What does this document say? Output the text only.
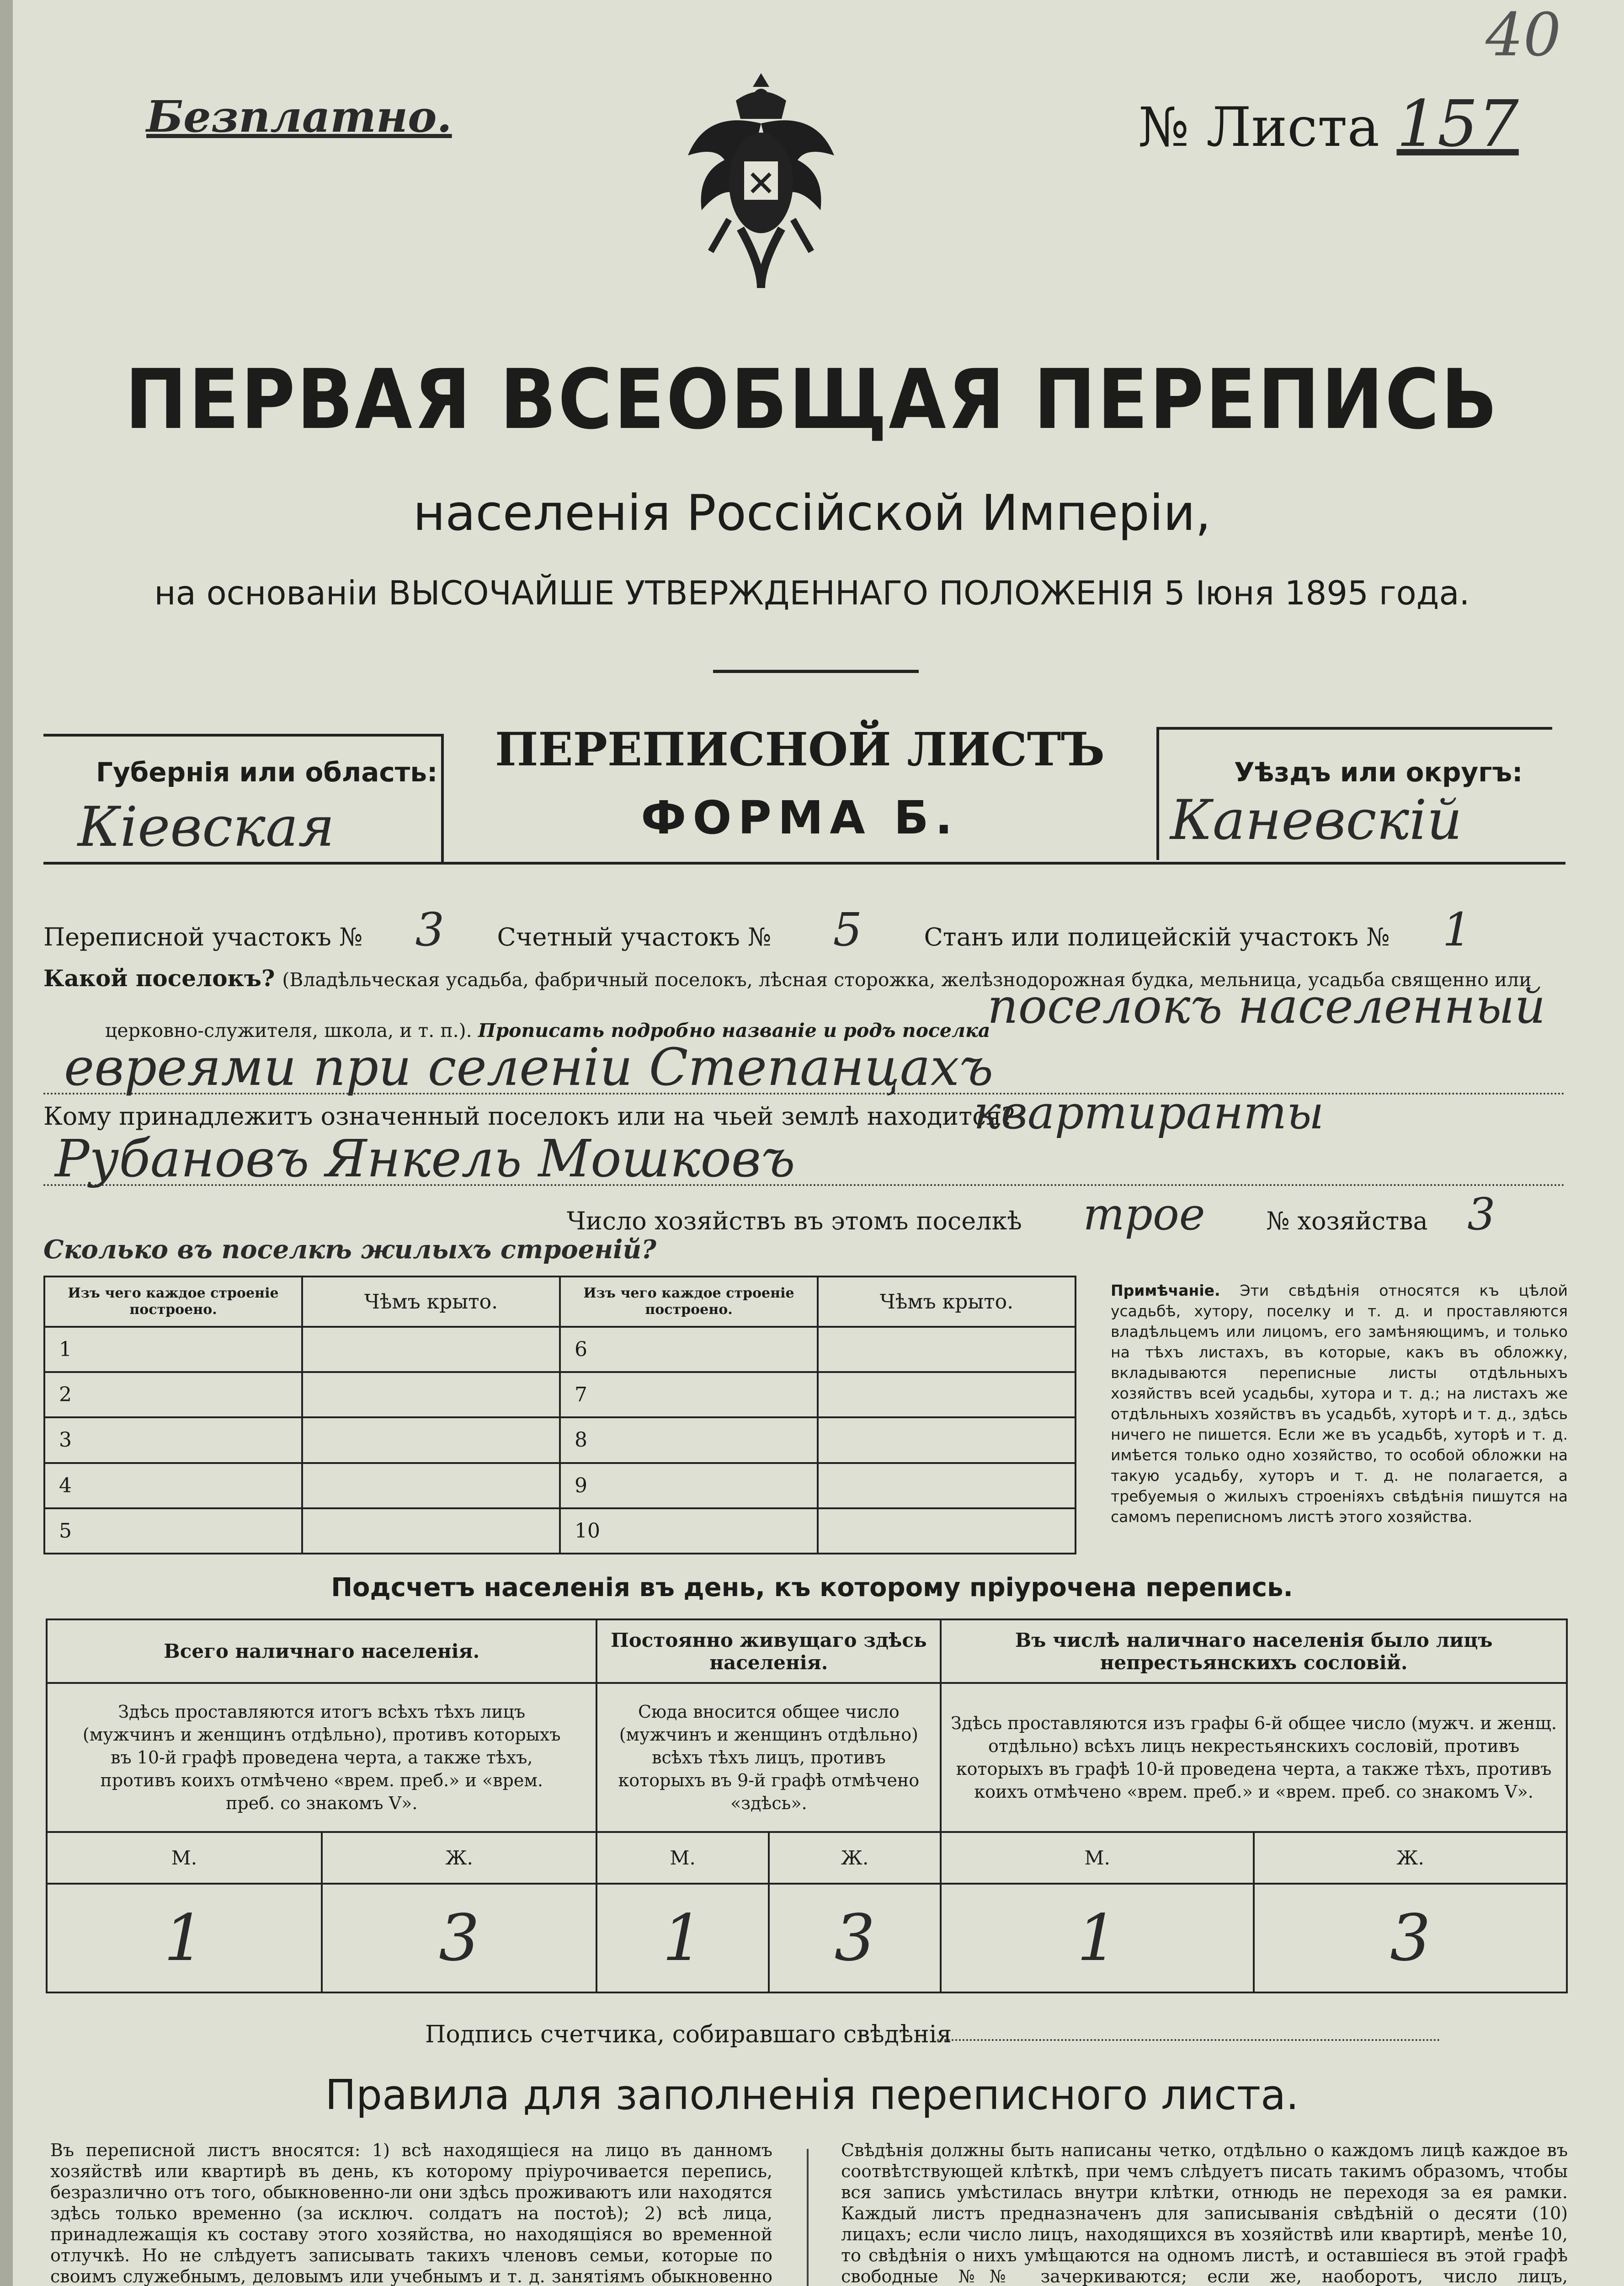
40
Безплатно.	№ Листа 157
ПЕРВАЯ ВСЕОБЩАЯ ПЕРЕПИСЬ
населенія Россійской Имперіи,
на основаніи ВЫСОЧАЙШЕ УТВЕРЖДЕННАГО ПОЛОЖЕНІЯ 5 Іюня 1895 года.
Губернія или область:
Кіевская
ПЕРЕПИСНОЙ ЛИСТЪ
ФОРМА Б.
Уѣздъ или округъ:
Каневскій
Переписной участокъ № 3 Счетный участокъ № 5	Станъ или полицейскій участокъ № 1
Какой поселокъ? (Владѣльческая усадьба, фабричный поселокъ, лѣсная сторожка, желѣзнодорожная будка, мельница, усадьба священно или
церковно-служителя, школа, и т. п.). Прописать подробно названіе и родъ поселка
поселокъ населенный
евреями при селеніи Степанцахъ
Кому принадлежитъ означенный поселокъ или на чьей землѣ находится?
квартиранты
Рубановъ Янкель Мошковъ
Число хозяйствъ въ этомъ поселкѣ трое № хозяйства 3
Сколько въ поселкѣ жилыхъ строеній?
Изъ чего каждое строеніе построено.	Чѣмъ крыто.	Изъ чего каждое строеніе построено.	Чѣмъ крыто.
1		6	
2		7	
3		8	
4		9	
5		10	
Примѣчаніе. Эти свѣдѣнія относятся къ цѣлой усадьбѣ, хутору, поселку и т. д. и проставляются владѣльцемъ или лицомъ, его замѣняющимъ, и только на тѣхъ листахъ, въ которые, какъ въ обложку, вкладываются переписные листы отдѣльныхъ хозяйствъ всей усадьбы, хутора и т. д.; на листахъ же отдѣльныхъ хозяйствъ въ усадьбѣ, хуторѣ и т. д., здѣсь ничего не пишется. Если же въ усадьбѣ, хуторѣ и т. д. имѣется только одно хозяйство, то особой обложки на такую усадьбу, хуторъ и т. д. не полагается, а требуемыя о жилыхъ строеніяхъ свѣдѣнія пишутся на самомъ переписномъ листѣ этого хозяйства.
Подсчетъ населенія въ день, къ которому пріурочена перепись.
Всего наличнаго населенія.		Постоянно живущаго здѣсь населенія.		Въ числѣ наличнаго населенія было лицъ непрестьянскихъ сословій.	
Здѣсь проставляются итогъ всѣхъ тѣхъ лицъ (мужчинъ и женщинъ отдѣльно), противъ которыхъ въ 10-й графѣ проведена черта, а также тѣхъ, противъ коихъ отмѣчено «врем. преб.» и «врем. преб. со знакомъ V».		Сюда вносится общее число (мужчинъ и женщинъ отдѣльно) всѣхъ тѣхъ лицъ, противъ которыхъ въ 9-й графѣ отмѣчено «здѣсь».		Здѣсь проставляются изъ графы 6-й общее число (мужч. и женщ. отдѣльно) всѣхъ лицъ некрестьянскихъ сословій, противъ которыхъ въ графѣ 10-й проведена черта, а также тѣхъ, противъ коихъ отмѣчено «врем. преб.» и «врем. преб. со знакомъ V».	
М.	Ж.	М.	Ж.	М.	Ж.
1	3	1	3	1	3
Подпись счетчика, собиравшаго свѣдѣнія
Правила для заполненія переписного листа.
Въ переписной листъ вносятся: 1) всѣ находящіеся на лицо въ данномъ хозяйствѣ или квартирѣ въ день, къ которому пріурочивается перепись, безразлично отъ того, обыкновенно-ли они здѣсь проживаютъ или находятся здѣсь только временно (за исключ. солдатъ на постоѣ); 2) всѣ лица, принадлежащія къ составу этого хозяйства, но находящіяся во временной отлучкѣ. Но не слѣдуетъ записывать такихъ членовъ семьи, которые по своимъ служебнымъ, деловымъ или учебнымъ и т. д. занятіямъ обыкновенно
Свѣдѣнія должны быть написаны четко, отдѣльно о каждомъ лицѣ каждое въ соотвѣтствующей клѣткѣ, при чемъ слѣдуетъ писать такимъ образомъ, чтобы вся запись умѣстилась внутри клѣтки, отнюдь не переходя за ея рамки. Каждый листъ предназначенъ для записыванія свѣдѣній о десяти (10) лицахъ; если число лицъ, находящихся въ хозяйствѣ или квартирѣ, менѣе 10, то свѣдѣнія о нихъ умѣщаются на одномъ листѣ, и оставшіеся въ этой графѣ свободные №№ зачеркиваются; если же, наоборотъ, число лицъ,
